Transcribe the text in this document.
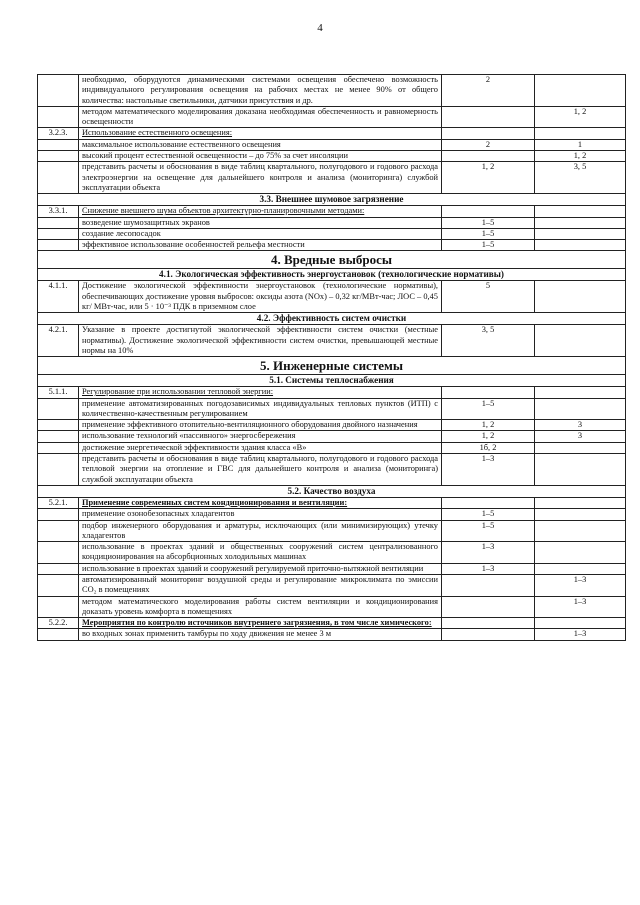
4
	необходимо, оборудуются динамическими системами освещения обеспечено возможность индивидуального регулирования освещения на рабочих местах не менее 90% от общего количества: настольные светильники, датчики присутствия и др.	2	
	методом математического моделирования доказана необходимая обеспеченность и равномерность освещенности		1, 2
3.2.3.	Использование естественного освещения:		
	максимальное использование естественного освещения	2	1
	высокий процент естественной освещенности – до 75% за счет инсоляции		1, 2
	представить расчеты и обоснования в виде таблиц квартального, полугодового и годового расхода электроэнергии на освещение для дальнейшего контроля и анализа (мониторинга) службой эксплуатации объекта	1, 2	3, 5
3.3. Внешнее шумовое загрязнение			
3.3.1.	Снижение внешнего шума объектов архитектурно-планировочными методами:		
	возведение шумозащитных экранов	1–5	
	создание лесопосадок	1–5	
	эффективное использование особенностей рельефа местности	1–5	
4. Вредные выбросы			
4.1. Экологическая эффективность энергоустановок (технологические нормативы)			
4.1.1.	Достижение экологической эффективности энергоустановок (технологические нормативы), обеспечивающих достижение уровня выбросов: оксиды азота (NOx) – 0,32 кг/МВт-час; ЛОС – 0,45 кг/ МВт-час, или 5 · 10⁻³ ПДК в приземном слое	5	
4.2. Эффективность систем очистки			
4.2.1.	Указание в проекте достигнутой экологической эффективности систем очистки (местные нормативы). Достижение экологической эффективности систем очистки, превышающей местные нормы на 10%	3, 5	
5. Инженерные системы			
5.1. Системы теплоснабжения			
5.1.1.	Регулирование при использовании тепловой энергии:		
	применение автоматизированных погодозависимых индивидуальных тепловых пунктов (ИТП) с количественно-качественным регулированием	1–5	
	применение эффективного отопительно-вентиляционного оборудования двойного назначения	1, 2	3
	использование технологий «пассивного» энергосбережения	1, 2	3
	достижение энергетической эффективности здания класса «В»	1б, 2	
	представить расчеты и обоснования в виде таблиц квартального, полугодового и годового расхода тепловой энергии на отопление и ГВС для дальнейшего контроля и анализа (мониторинга) службой эксплуатации объекта	1–3	
5.2. Качество воздуха			
5.2.1.	Применение современных систем кондиционирования и вентиляции:		
	применение озонобезопасных хладагентов	1–5	
	подбор инженерного оборудования и арматуры, исключающих (или минимизирующих) утечку хладагентов	1–5	
	использование в проектах зданий и общественных сооружений систем централизованного кондиционирования на абсорбционных холодильных машинах	1–3	
	использование в проектах зданий и сооружений регулируемой приточно-вытяжной вентиляции	1–3	
	автоматизированный мониторинг воздушной среды и регулирование микроклимата по эмиссии CO₂ в помещениях		1–3
	методом математического моделирования работы систем вентиляции и кондиционирования доказать уровень комфорта в помещениях		1–3
5.2.2.	Мероприятия по контролю источников внутреннего загрязнения, в том числе химического:		
	во входных зонах применить тамбуры по ходу движения не менее 3 м		1–3
